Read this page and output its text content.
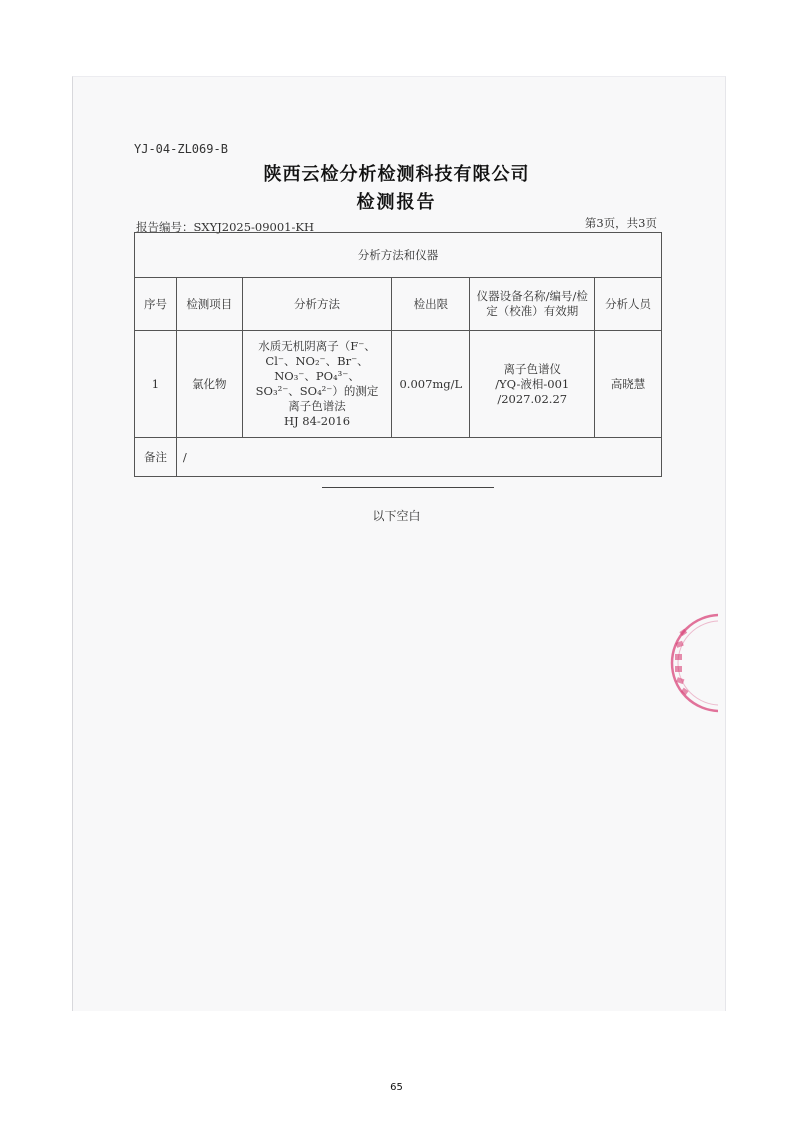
YJ-04-ZL069-B
陕西云检分析检测科技有限公司
检测报告
报告编号：SXYJ2025-09001-KH	第3页，共3页
分析方法和仪器					
序号	检测项目	分析方法	检出限	仪器设备名称/编号/检定（校准）有效期	分析人员
1	氯化物	水质无机阴离子（F⁻、
Cl⁻、NO₂⁻、Br⁻、NO₃⁻、PO₄³⁻、
SO₃²⁻、SO₄²⁻）的测定
离子色谱法
HJ 84-2016	0.007mg/L	离子色谱仪
/YQ-液相-001
/2027.02.27	高晓慧
备注	/				
以下空白
65
